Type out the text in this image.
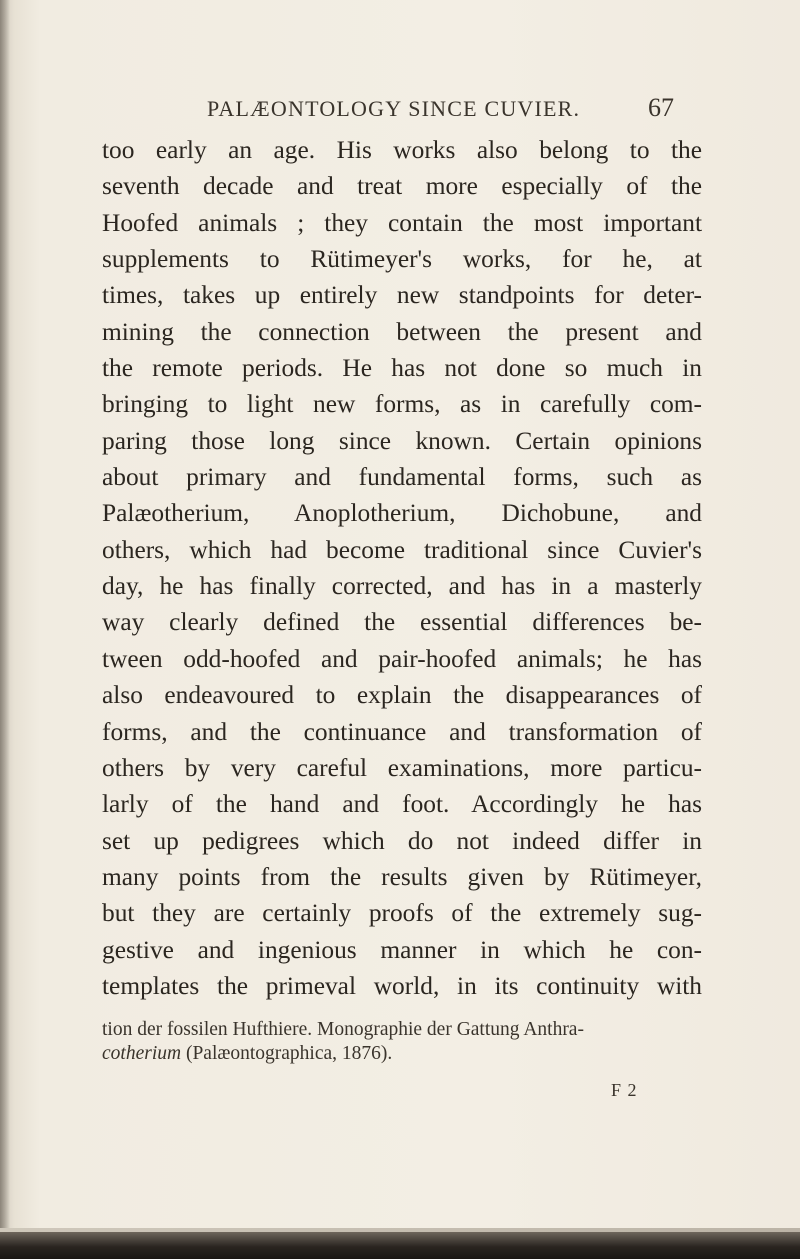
PALÆONTOLOGY SINCE CUVIER.	67
too early an age. His works also belong to the
seventh decade and treat more especially of the
Hoofed animals ; they contain the most important
supplements to Rütimeyer's works, for he, at
times, takes up entirely new standpoints for deter-
mining the connection between the present and
the remote periods. He has not done so much in
bringing to light new forms, as in carefully com-
paring those long since known. Certain opinions
about primary and fundamental forms, such as
Palæotherium, Anoplotherium, Dichobune, and
others, which had become traditional since Cuvier's
day, he has finally corrected, and has in a masterly
way clearly defined the essential differences be-
tween odd-hoofed and pair-hoofed animals; he has
also endeavoured to explain the disappearances of
forms, and the continuance and transformation of
others by very careful examinations, more particu-
larly of the hand and foot. Accordingly he has
set up pedigrees which do not indeed differ in
many points from the results given by Rütimeyer,
but they are certainly proofs of the extremely sug-
gestive and ingenious manner in which he con-
templates the primeval world, in its continuity with
tion der fossilen Hufthiere. Monographie der Gattung Anthra-
cotherium (Palæontographica, 1876).
F 2
